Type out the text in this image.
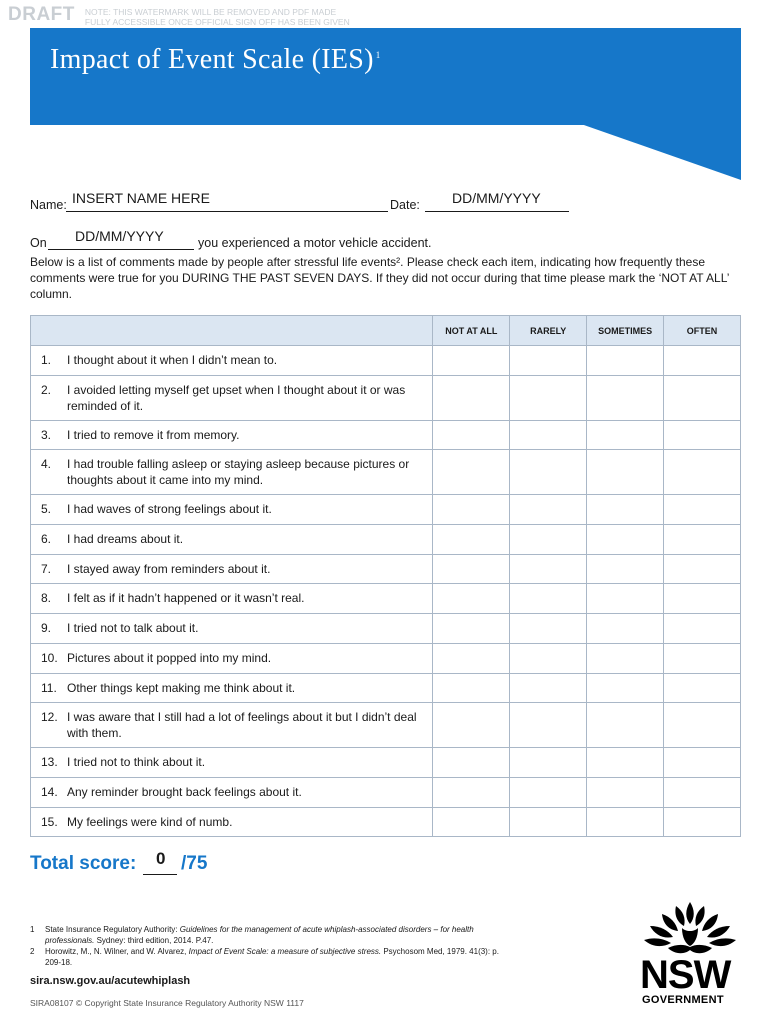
DRAFT NOTE: THIS WATERMARK WILL BE REMOVED AND PDF MADE
FULLY ACCESSIBLE ONCE OFFICIAL SIGN OFF HAS BEEN GIVEN
Impact of Event Scale (IES) $^1$
Name: INSERT NAME HERE	Date: DD/MM/YYYY
On DD/MM/YYYY	you experienced a motor vehicle accident.
Below is a list of comments made by people after stressful life events². Please check each item, indicating how frequently these comments were true for you DURING THE PAST SEVEN DAYS. If they did not occur during that time please mark the ‘NOT AT ALL’ column.
	NOT AT ALL	RARELY	SOMETIMES	OFTEN

1. I thought about it when I didn’t mean to.				

2. I avoided letting myself get upset when I thought about it or was reminded of it.				

3. I tried to remove it from memory.				

4. I had trouble falling asleep or staying asleep because pictures or thoughts about it came into my mind.				

5. I had waves of strong feelings about it.				

6. I had dreams about it.				

7. I stayed away from reminders about it.				

8. I felt as if it hadn’t happened or it wasn’t real.				

9. I tried not to talk about it.				

10. Pictures about it popped into my mind.				

11. Other things kept making me think about it.				

12. I was aware that I still had a lot of feelings about it but I didn’t deal with them.				

13. I tried not to think about it.				

14. Any reminder brought back feelings about it.				

15. My feelings were kind of numb.				

Total score: 0 /75
1	State Insurance Regulatory Authority: Guidelines for the management of acute whiplash-associated disorders – for health professionals. Sydney: third edition, 2014. P.47.
2	Horowitz, M., N. Wilner, and W. Alvarez, Impact of Event Scale: a measure of subjective stress. Psychosom Med, 1979. 41(3): p. 209-18.
sira.nsw.gov.au/acutewhiplash
SIRA08107 © Copyright State Insurance Regulatory Authority NSW 1117
NSW
GOVERNMENT
